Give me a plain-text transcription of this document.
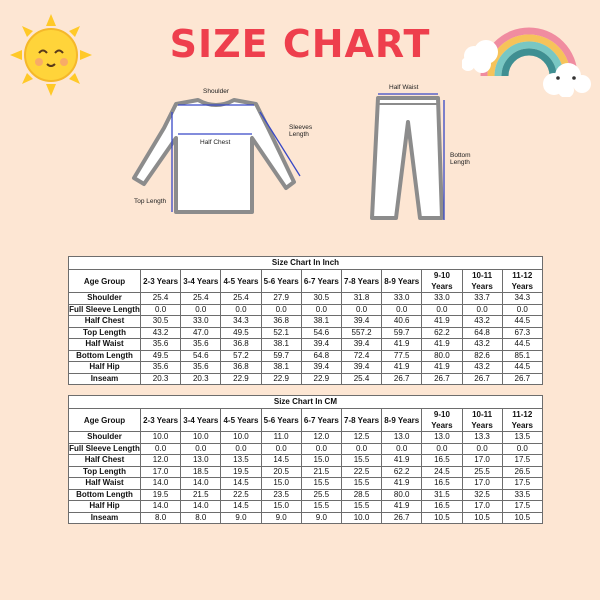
SIZE CHART
Shoulder
Sleeves Length
Half Chest
Top Length
Half Waist
Bottom Length
Size Chart In Inch										
Age Group	2-3 Years	3-4 Years	4-5 Years	5-6 Years	6-7 Years	7-8 Years	8-9 Years	9-10 Years	10-11 Years	11-12 Years
Shoulder	25.4	25.4	25.4	27.9	30.5	31.8	33.0	33.0	33.7	34.3
Full Sleeve Length	0.0	0.0	0.0	0.0	0.0	0.0	0.0	0.0	0.0	0.0
Half Chest	30.5	33.0	34.3	36.8	38.1	39.4	40.6	41.9	43.2	44.5
Top Length	43.2	47.0	49.5	52.1	54.6	557.2	59.7	62.2	64.8	67.3
Half Waist	35.6	35.6	36.8	38.1	39.4	39.4	41.9	41.9	43.2	44.5
Bottom Length	49.5	54.6	57.2	59.7	64.8	72.4	77.5	80.0	82.6	85.1
Half Hip	35.6	35.6	36.8	38.1	39.4	39.4	41.9	41.9	43.2	44.5
Inseam	20.3	20.3	22.9	22.9	22.9	25.4	26.7	26.7	26.7	26.7
Size Chart In CM										
Age Group	2-3 Years	3-4 Years	4-5 Years	5-6 Years	6-7 Years	7-8 Years	8-9 Years	9-10 Years	10-11 Years	11-12 Years
Shoulder	10.0	10.0	10.0	11.0	12.0	12.5	13.0	13.0	13.3	13.5
Full Sleeve Length	0.0	0.0	0.0	0.0	0.0	0.0	0.0	0.0	0.0	0.0
Half Chest	12.0	13.0	13.5	14.5	15.0	15.5	41.9	16.5	17.0	17.5
Top Length	17.0	18.5	19.5	20.5	21.5	22.5	62.2	24.5	25.5	26.5
Half Waist	14.0	14.0	14.5	15.0	15.5	15.5	41.9	16.5	17.0	17.5
Bottom Length	19.5	21.5	22.5	23.5	25.5	28.5	80.0	31.5	32.5	33.5
Half Hip	14.0	14.0	14.5	15.0	15.5	15.5	41.9	16.5	17.0	17.5
Inseam	8.0	8.0	9.0	9.0	9.0	10.0	26.7	10.5	10.5	10.5
